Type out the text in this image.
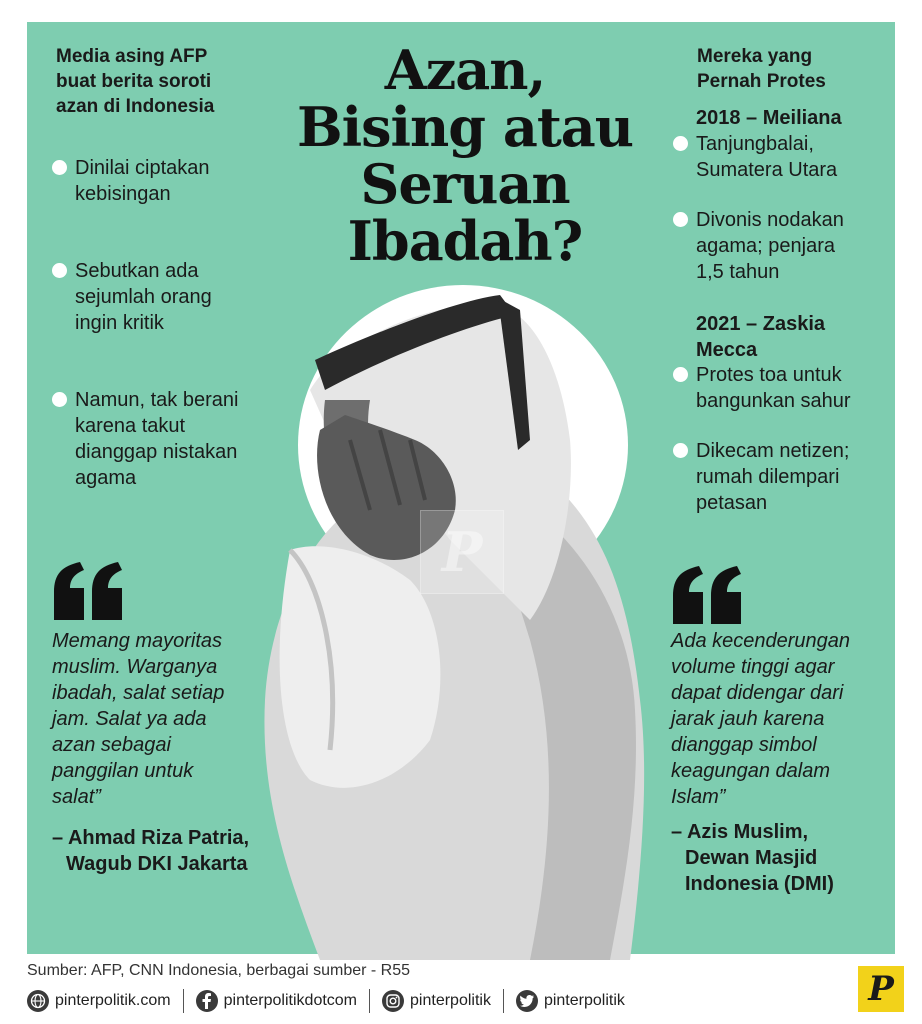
P
Azan,
Bising atau
Seruan
Ibadah?
Media asing AFP
buat berita soroti
azan di Indonesia
Dinilai ciptakan
kebisingan
Sebutkan ada
sejumlah orang
ingin kritik
Namun, tak berani
karena takut
dianggap nistakan
agama
Memang mayoritas
muslim. Warganya
ibadah, salat setiap
jam. Salat ya ada
azan sebagai
panggilan untuk
salat”
– Ahmad Riza Patria,
Wagub DKI Jakarta
Mereka yang
Pernah Protes
2018 – Meiliana
Tanjungbalai,
Sumatera Utara
Divonis nodakan
agama; penjara
1,5 tahun
2021 – Zaskia
Mecca
Protes toa untuk
bangunkan sahur
Dikecam netizen;
rumah dilempari
petasan
Ada kecenderungan
volume tinggi agar
dapat didengar dari
jarak jauh karena
dianggap simbol
keagungan dalam
Islam”
– Azis Muslim,
Dewan Masjid
Indonesia (DMI)
Sumber: AFP, CNN Indonesia, berbagai sumber - R55
pinterpolitik.com	pinterpolitikdotcom	pinterpolitik	pinterpolitik	P
